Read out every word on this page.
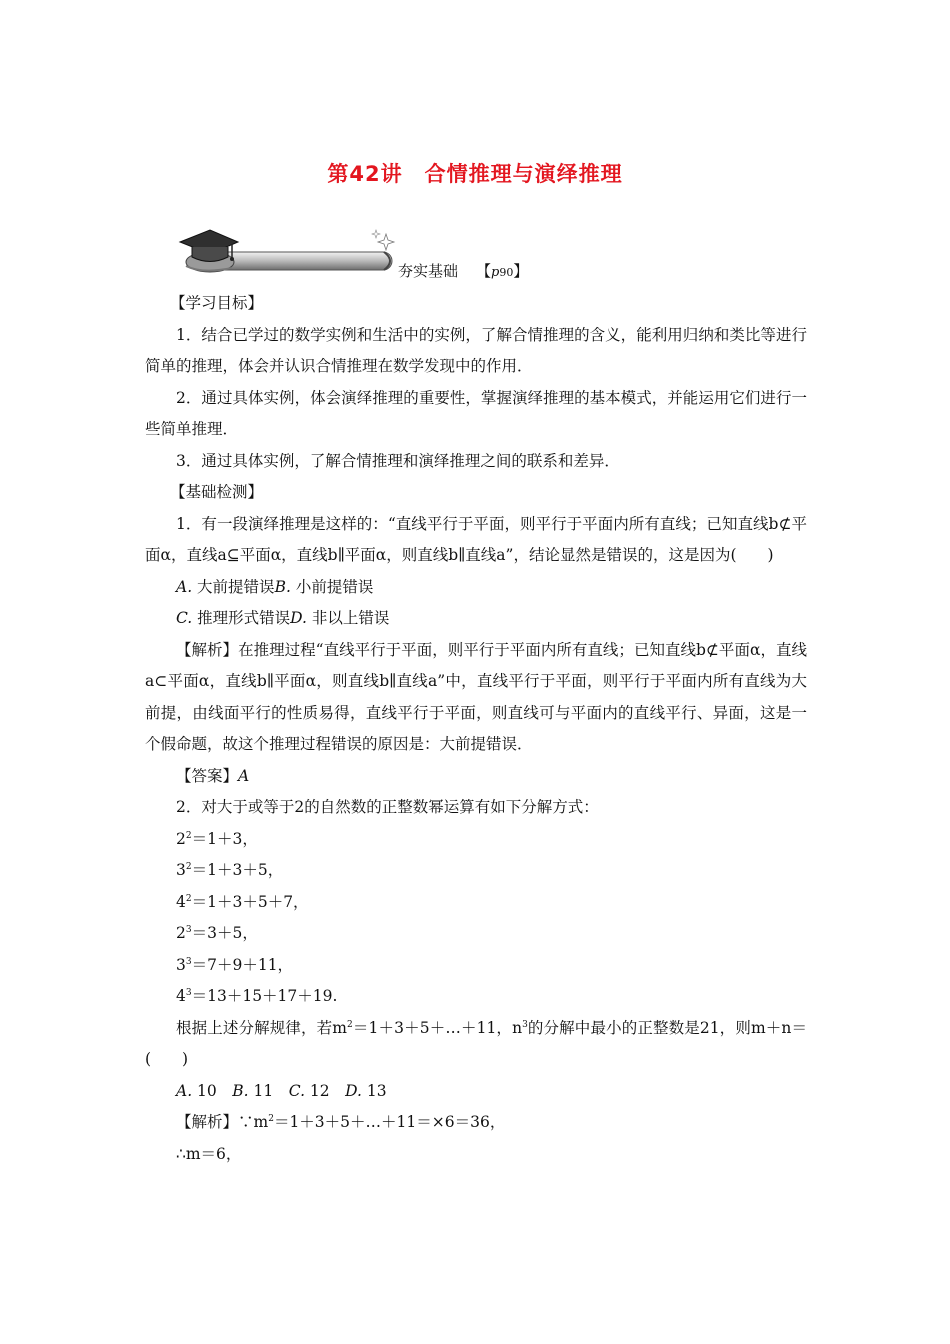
第42讲　合情推理与演绎推理
夯实基础 【p90】
【学习目标】

1．结合已学过的数学实例和生活中的实例，了解合情推理的含义，能利用归纳和类比等进行简单的推理，体会并认识合情推理在数学发现中的作用．

2．通过具体实例，体会演绎推理的重要性，掌握演绎推理的基本模式，并能运用它们进行一些简单推理．

3．通过具体实例，了解合情推理和演绎推理之间的联系和差异．

【基础检测】

1．有一段演绎推理是这样的：“直线平行于平面，则平行于平面内所有直线；已知直线b⊄平面α，直线a⊆平面α，直线b∥平面α，则直线b∥直线a”，结论显然是错误的，这是因为(　　)

A. 大前提错误B. 小前提错误

C. 推理形式错误D. 非以上错误

【解析】在推理过程“直线平行于平面，则平行于平面内所有直线；已知直线b⊄平面α，直线a⊂平面α，直线b∥平面α，则直线b∥直线a”中，直线平行于平面，则平行于平面内所有直线为大前提，由线面平行的性质易得，直线平行于平面，则直线可与平面内的直线平行、异面，这是一个假命题，故这个推理过程错误的原因是：大前提错误．

【答案】A

2．对大于或等于2的自然数的正整数幂运算有如下分解方式：

$2^2=1+3$，

$3^2=1+3+5$，

$4^2=1+3+5+7$，

$2^3=3+5$，

$3^3=7+9+11$，

$4^3=13+15+17+19$.

根据上述分解规律，若$m^2=1+3+5+\dots+11$，$n^3$的分解中最小的正整数是21，则m＋n＝(　　)

A. 10　B. 11　C. 12　D. 13

【解析】$\because m^2=1+3+5+\dots+11=\times 6=36$，

∴m＝6，
